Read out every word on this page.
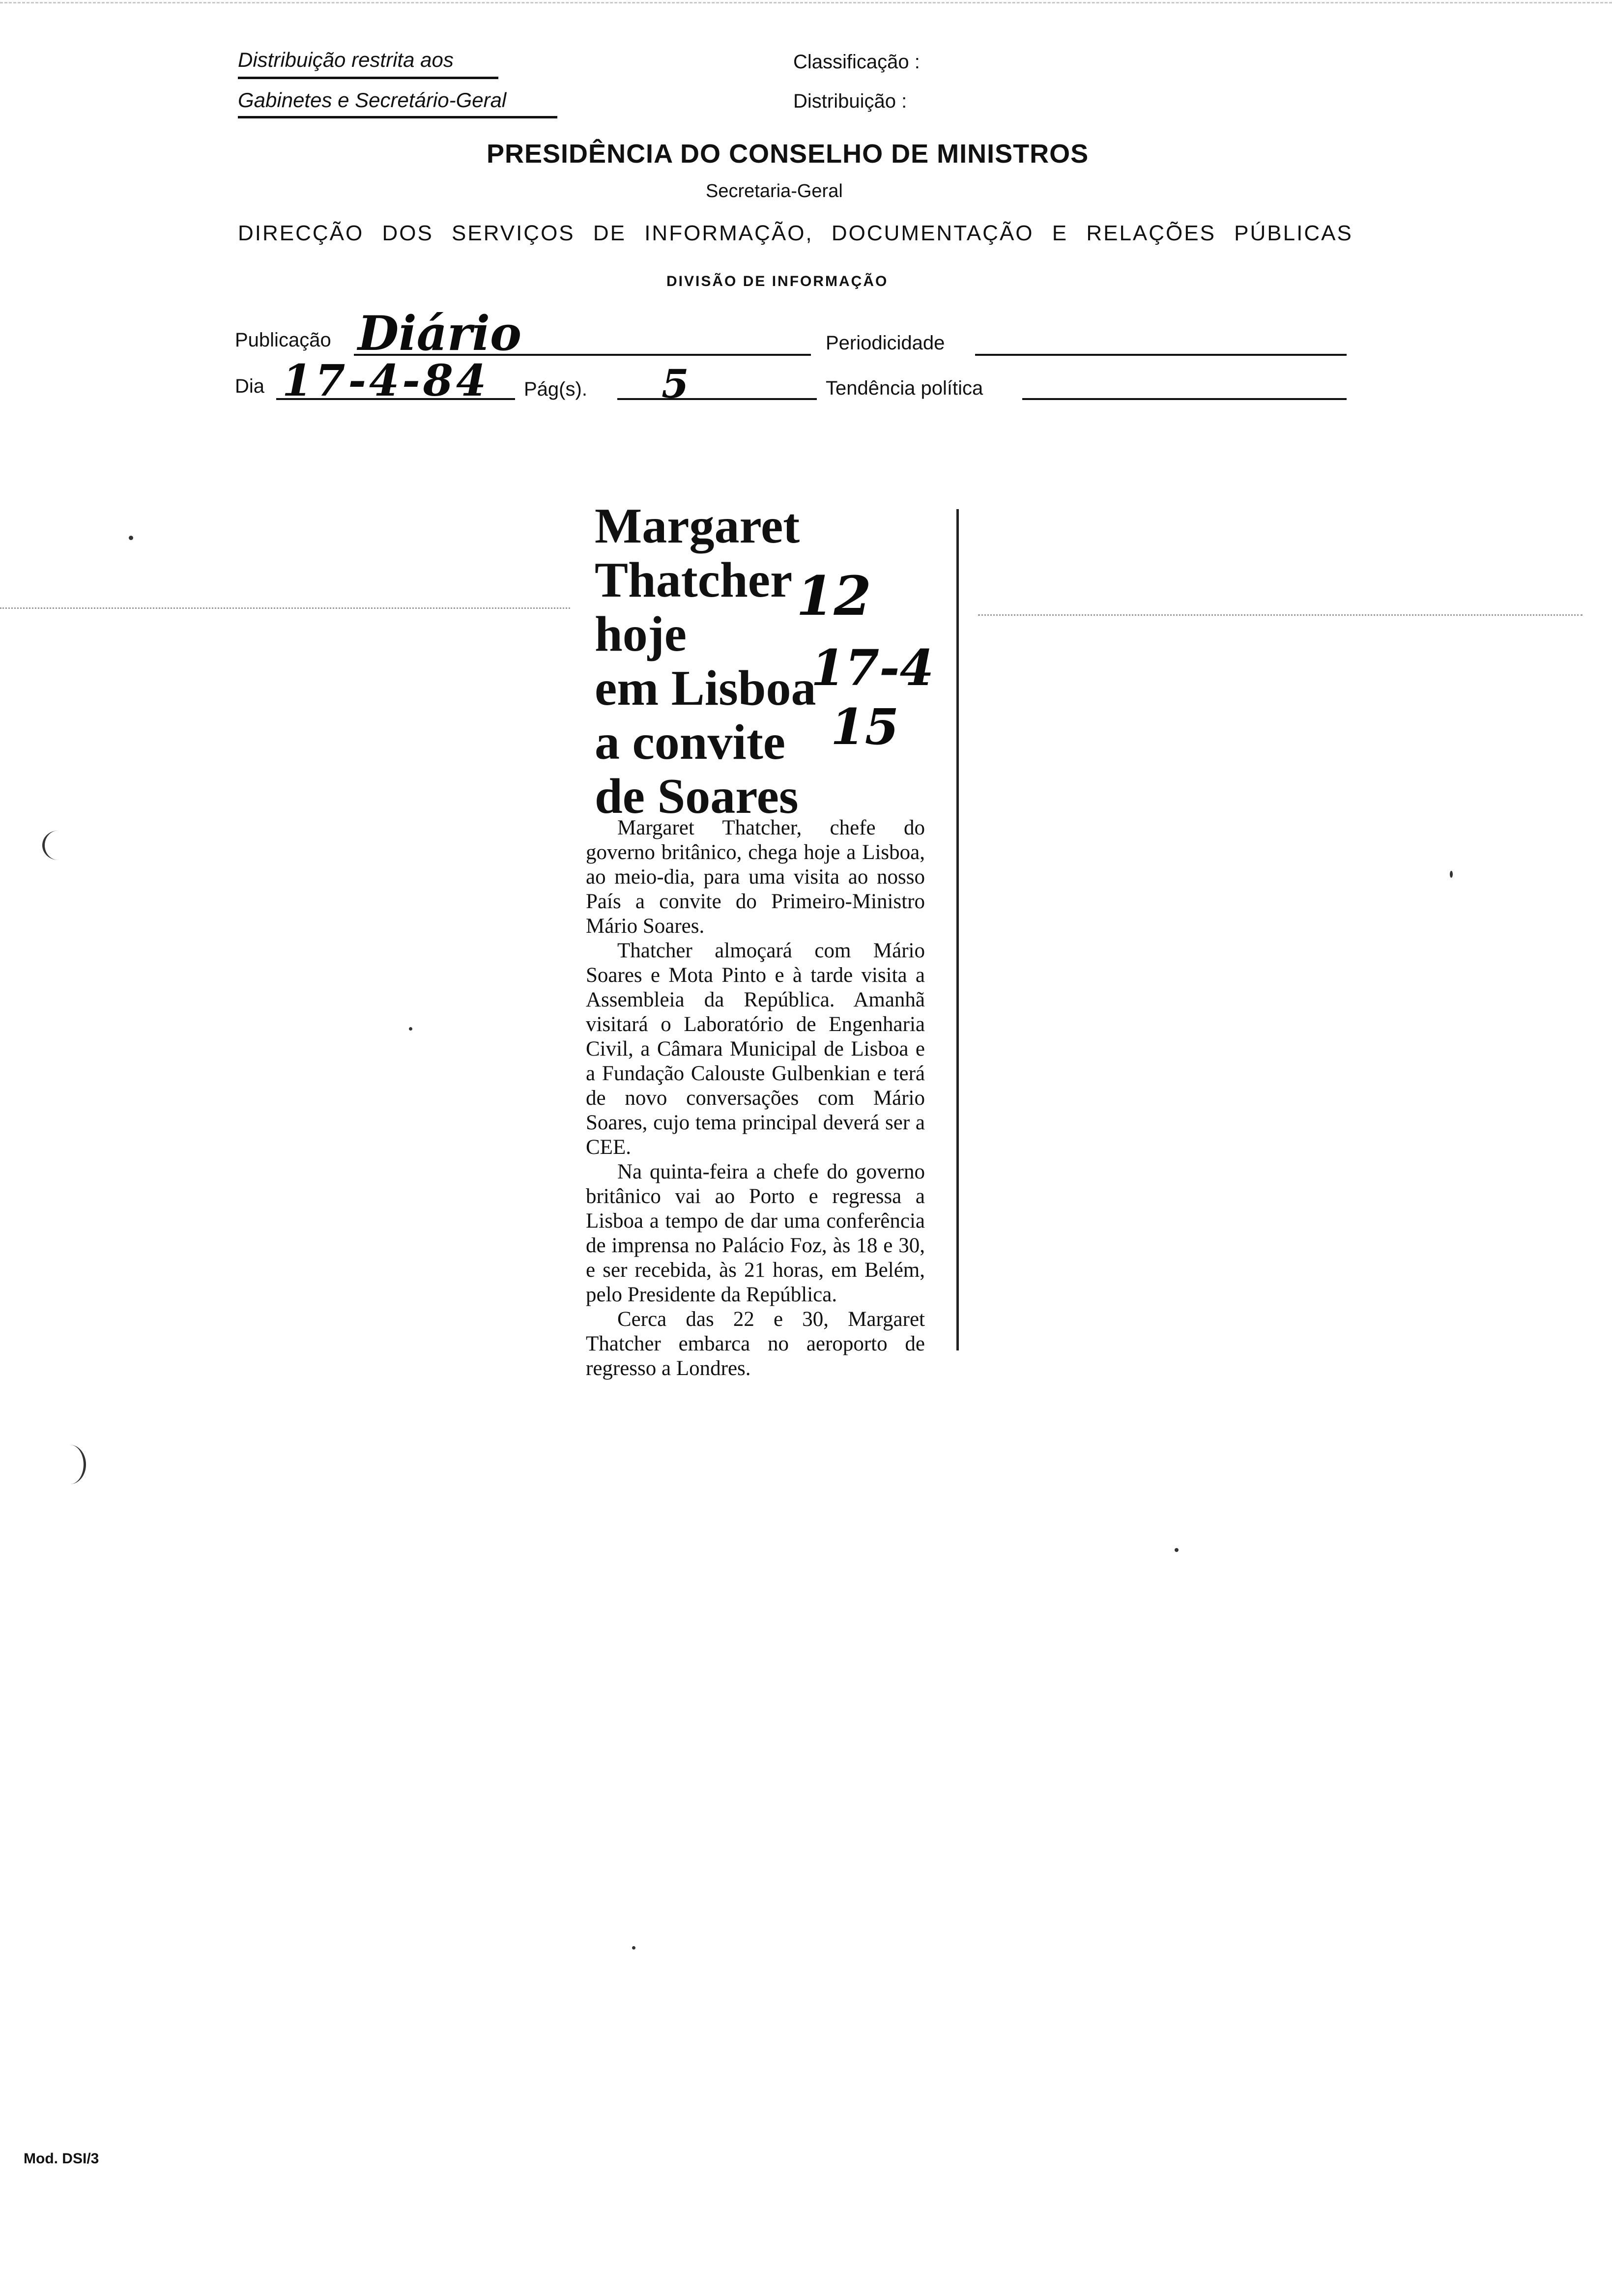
Distribuição restrita aos
Gabinetes e Secretário-Geral
Classificação :
Distribuição :
PRESIDÊNCIA DO CONSELHO DE MINISTROS
Secretaria-Geral
DIRECÇÃO DOS SERVIÇOS DE INFORMAÇÃO, DOCUMENTAÇÃO E RELAÇÕES PÚBLICAS
DIVISÃO DE INFORMAÇÃO
Publicação Diário	Periodicidade
Dia 17-4-84 Pág(s). 5	Tendência política
Margaret
Thatcher
hoje
em Lisboa
a convite
de Soares
12
17-4
15

Margaret Thatcher, chefe do governo britânico, chega hoje a Lisboa, ao meio-dia, para uma visita ao nosso País a convite do Primeiro-Ministro Mário Soares.

Thatcher almoçará com Mário Soares e Mota Pinto e à tarde visita a Assembleia da República. Amanhã visitará o Laboratório de Engenharia Civil, a Câmara Municipal de Lisboa e a Fundação Calouste Gulbenkian e terá de novo conversações com Mário Soares, cujo tema principal deverá ser a CEE.

Na quinta-feira a chefe do governo britânico vai ao Porto e regressa a Lisboa a tempo de dar uma conferência de imprensa no Palácio Foz, às 18 e 30, e ser recebida, às 21 horas, em Belém, pelo Presidente da República.

Cerca das 22 e 30, Margaret Thatcher embarca no aeroporto de regresso a Londres.

Mod. DSI/3
